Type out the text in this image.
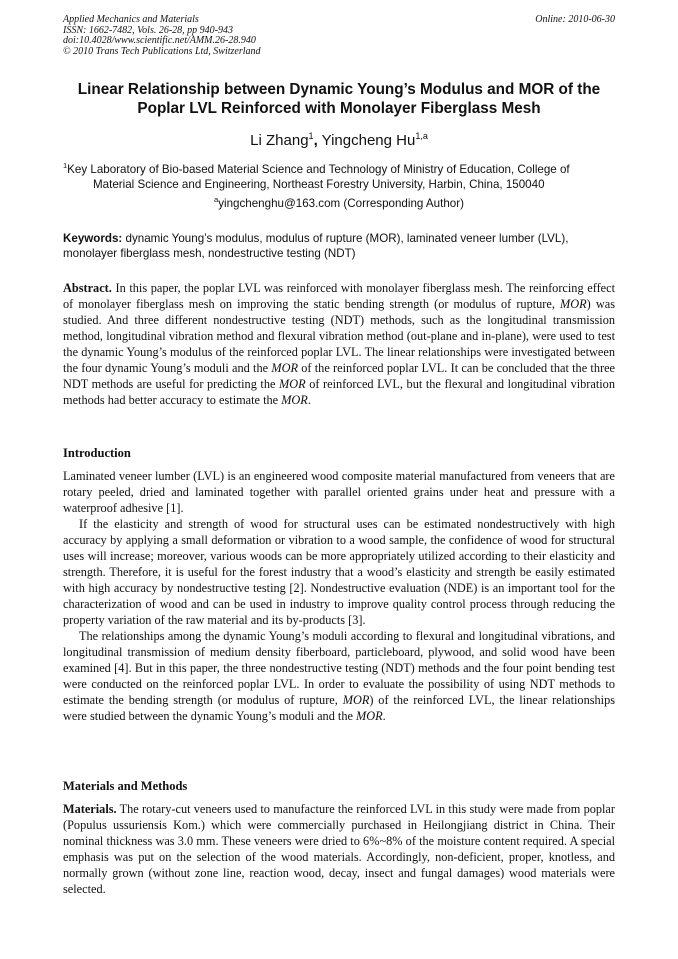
Applied Mechanics and Materials
ISSN: 1662-7482, Vols. 26-28, pp 940-943
doi:10.4028/www.scientific.net/AMM.26-28.940
© 2010 Trans Tech Publications Ltd, Switzerland
Online: 2010-06-30
Linear Relationship between Dynamic Young’s Modulus and MOR of the
Poplar LVL Reinforced with Monolayer Fiberglass Mesh
Li Zhang$^1$, Yingcheng Hu$^{1,a}$
$^1$Key Laboratory of Bio-based Material Science and Technology of Ministry of Education, College of
Material Science and Engineering, Northeast Forestry University, Harbin, China, 150040
$^a$yingchenghu@163.com (Corresponding Author)
Keywords: dynamic Young’s modulus, modulus of rupture (MOR), laminated veneer lumber (LVL), monolayer fiberglass mesh, nondestructive testing (NDT)

Abstract. In this paper, the poplar LVL was reinforced with monolayer fiberglass mesh. The reinforcing effect of monolayer fiberglass mesh on improving the static bending strength (or modulus of rupture, MOR) was studied. And three different nondestructive testing (NDT) methods, such as the longitudinal transmission method, longitudinal vibration method and flexural vibration method (out-plane and in-plane), were used to test the dynamic Young’s modulus of the reinforced poplar LVL. The linear relationships were investigated between the four dynamic Young’s moduli and the MOR of the reinforced poplar LVL. It can be concluded that the three NDT methods are useful for predicting the MOR of reinforced LVL, but the flexural and longitudinal vibration methods had better accuracy to estimate the MOR.

Introduction

Laminated veneer lumber (LVL) is an engineered wood composite material manufactured from veneers that are rotary peeled, dried and laminated together with parallel oriented grains under heat and pressure with a waterproof adhesive [1].

If the elasticity and strength of wood for structural uses can be estimated nondestructively with high accuracy by applying a small deformation or vibration to a wood sample, the confidence of wood for structural uses will increase; moreover, various woods can be more appropriately utilized according to their elasticity and strength. Therefore, it is useful for the forest industry that a wood’s elasticity and strength be easily estimated with high accuracy by nondestructive testing [2]. Nondestructive evaluation (NDE) is an important tool for the characterization of wood and can be used in industry to improve quality control process through reducing the property variation of the raw material and its by-products [3].

The relationships among the dynamic Young’s moduli according to flexural and longitudinal vibrations, and longitudinal transmission of medium density fiberboard, particleboard, plywood, and solid wood have been examined [4]. But in this paper, the three nondestructive testing (NDT) methods and the four point bending test were conducted on the reinforced poplar LVL. In order to evaluate the possibility of using NDT methods to estimate the bending strength (or modulus of rupture, MOR) of the reinforced LVL, the linear relationships were studied between the dynamic Young’s moduli and the MOR.

Materials and Methods

Materials. The rotary-cut veneers used to manufacture the reinforced LVL in this study were made from poplar (Populus ussuriensis Kom.) which were commercially purchased in Heilongjiang district in China. Their nominal thickness was 3.0 mm. These veneers were dried to 6%~8% of the moisture content required. A special emphasis was put on the selection of the wood materials. Accordingly, non-deficient, proper, knotless, and normally grown (without zone line, reaction wood, decay, insect and fungal damages) wood materials were selected.
